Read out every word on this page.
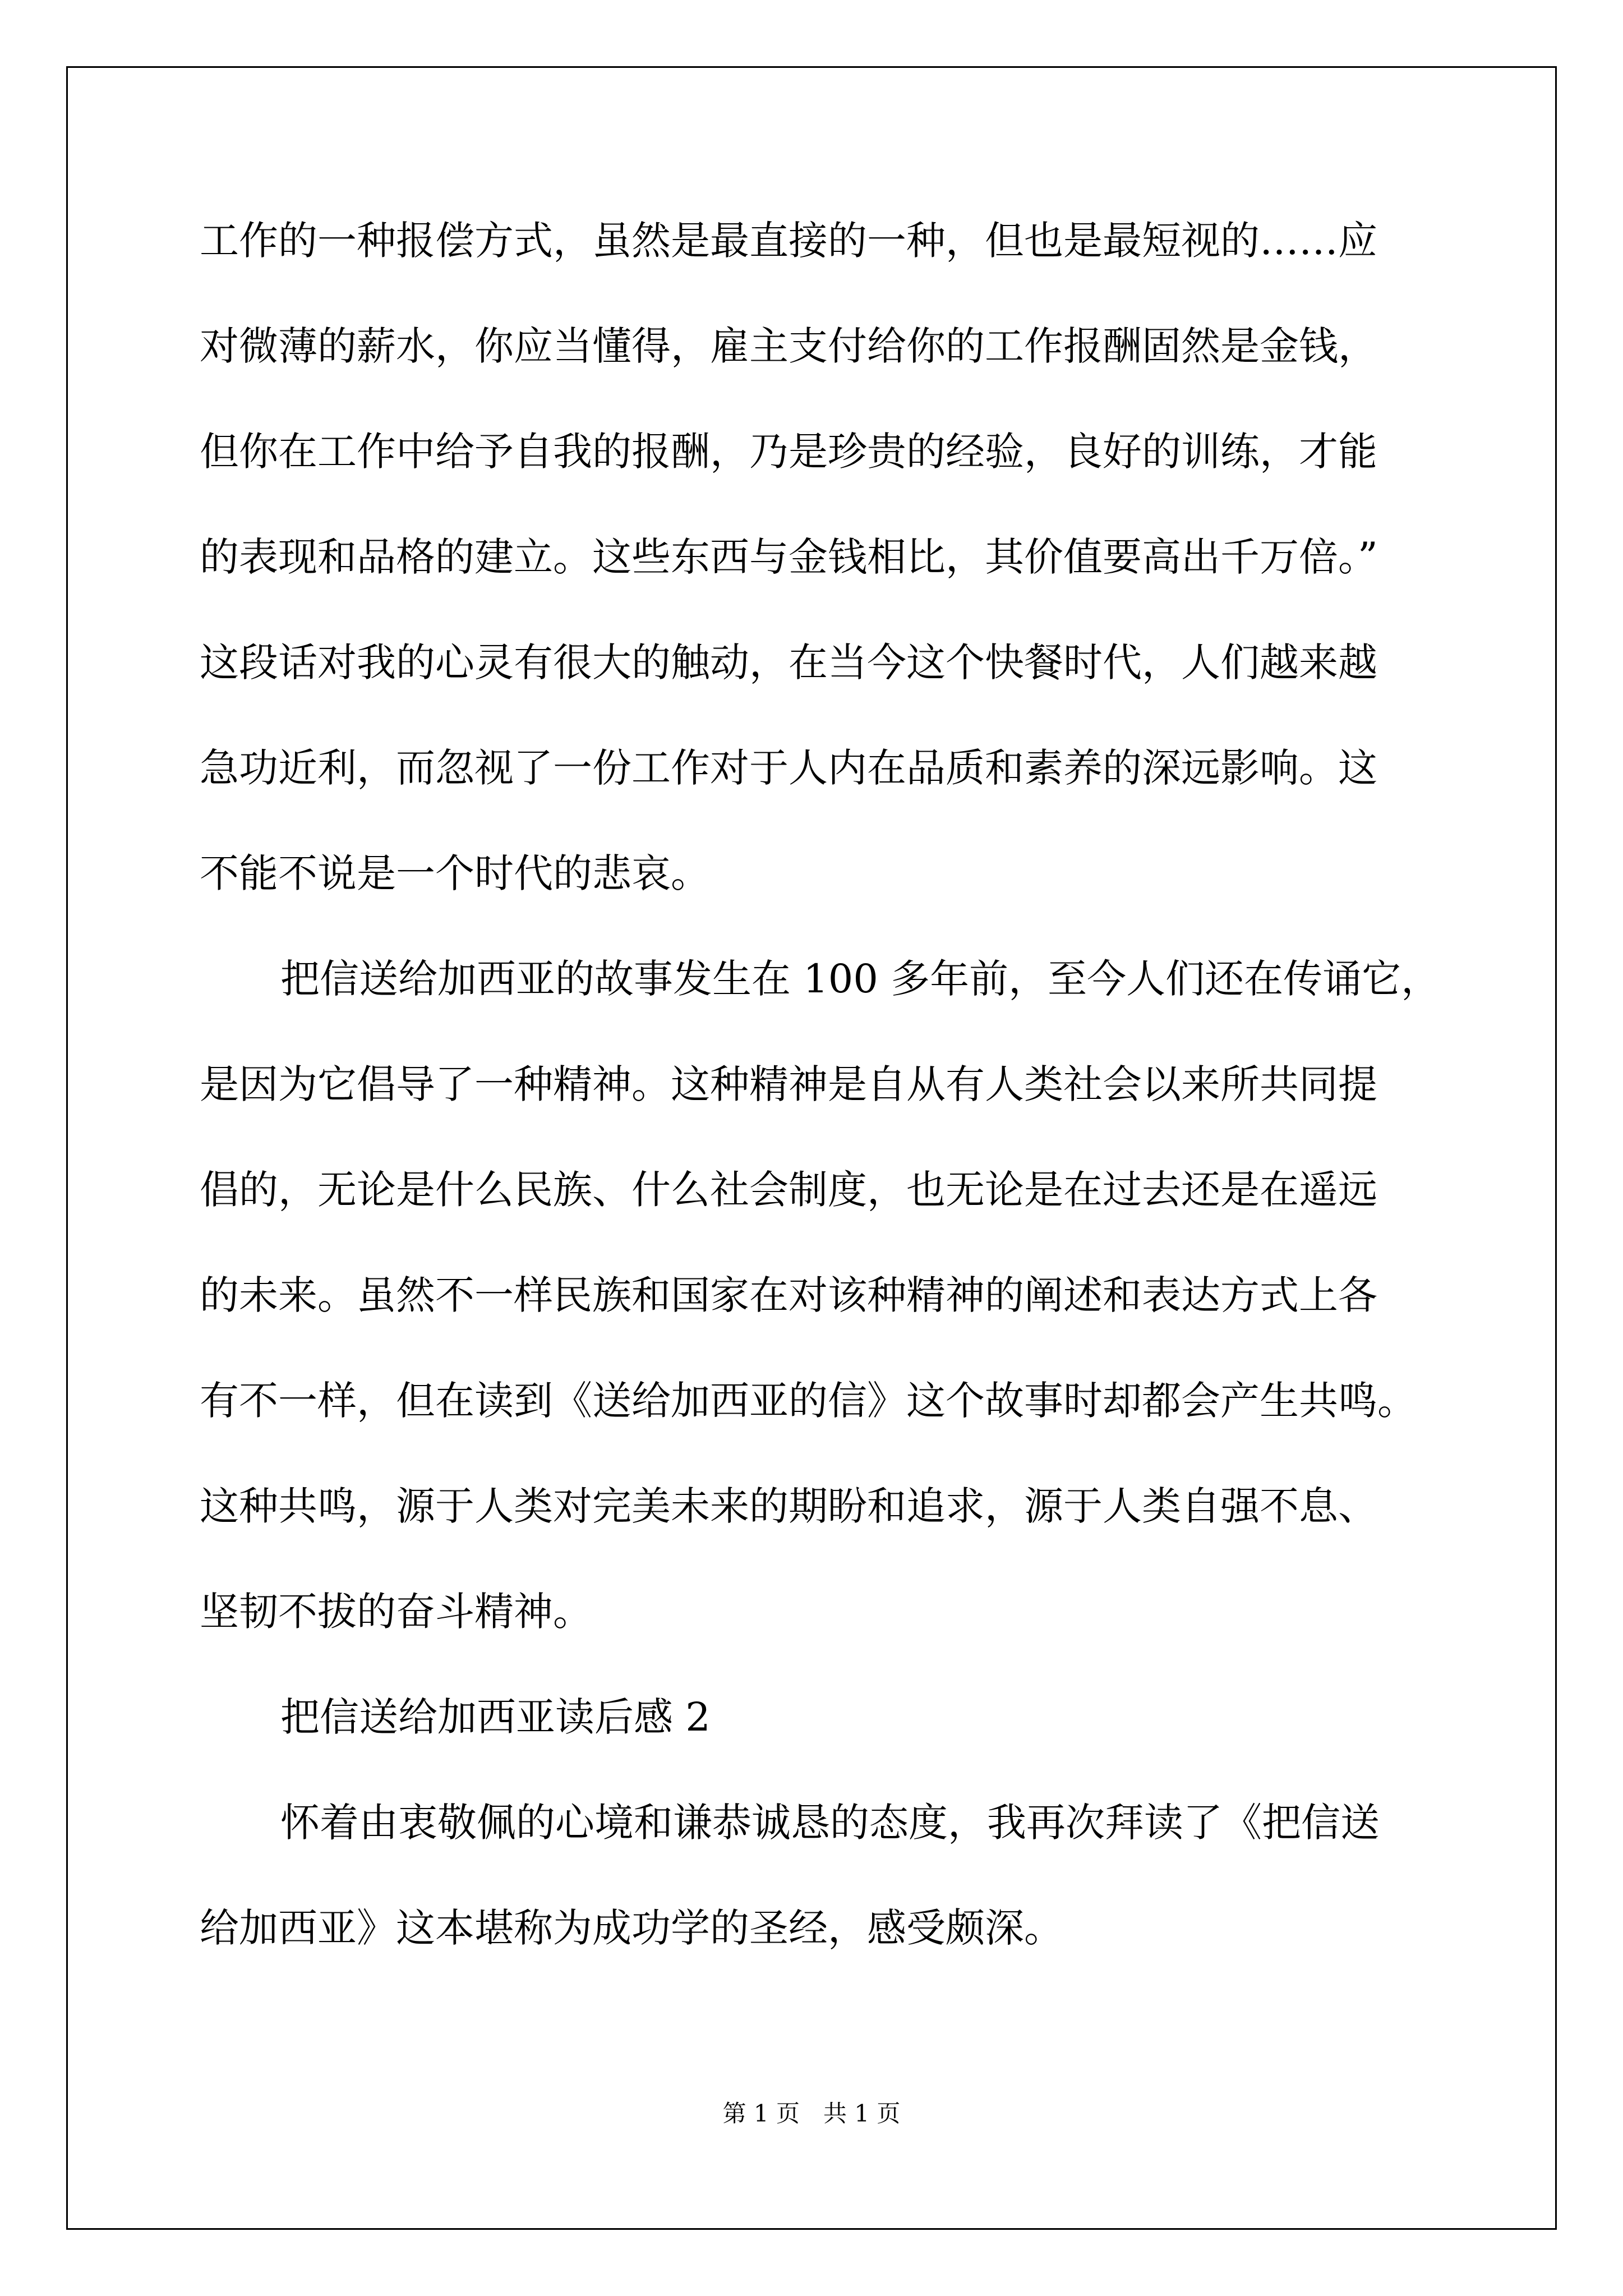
工作的一种报偿方式，虽然是最直接的一种，但也是最短视的……应
对微薄的薪水，你应当懂得，雇主支付给你的工作报酬固然是金钱，
但你在工作中给予自我的报酬，乃是珍贵的经验，良好的训练，才能
的表现和品格的建立。这些东西与金钱相比，其价值要高出千万倍。”
这段话对我的心灵有很大的触动，在当今这个快餐时代，人们越来越
急功近利，而忽视了一份工作对于人内在品质和素养的深远影响。这
不能不说是一个时代的悲哀。
把信送给加西亚的故事发生在 100 多年前，至今人们还在传诵它，
是因为它倡导了一种精神。这种精神是自从有人类社会以来所共同提
倡的，无论是什么民族、什么社会制度，也无论是在过去还是在遥远
的未来。虽然不一样民族和国家在对该种精神的阐述和表达方式上各
有不一样，但在读到《送给加西亚的信》这个故事时却都会产生共鸣。
这种共鸣，源于人类对完美未来的期盼和追求，源于人类自强不息、
坚韧不拔的奋斗精神。
把信送给加西亚读后感 2
怀着由衷敬佩的心境和谦恭诚恳的态度，我再次拜读了《把信送
给加西亚》这本堪称为成功学的圣经，感受颇深。
第 1 页 共 1 页
